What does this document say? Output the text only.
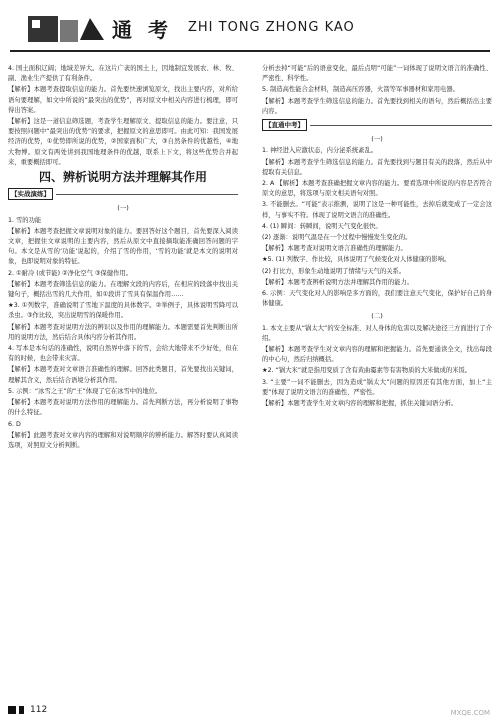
通 考 ZHI TONG ZHONG KAO

4. 国土面积辽阔；地域差异大。在这片广袤的国土上，因地制宜发展农、林、牧、副、渔业生产提供了有利条件。

【解析】本题考查提取信息的能力。首先要快速浏览原文，找出主要内容，对所给语句要理解，如文中所说的“最突出的优势”，再对原文中相关内容进行梳理，即可得出答案。

【解析】这是一道信息筛选题，考查学生理解原文、提取信息的能力。要注意，只要按照问题中“最突出的优势”的要求，把握原文的意思即可。由此可知：我国发展经济的优势，①优势即所说的优势，②国家面积广大，③自然条件的优越性，④地大物博。原文有两处讲到我国地理条件的优越，联系上下文，将这些优势合并起来，重要概括即可。

四、辨析说明方法并理解其作用
【实战演练】
(一)

1. 雪的功能

【解析】本题考查把握文章说明对象的能力。要回答好这个题目，首先要深入阅读文章，把握住文章说明的主要内容，然后从原文中直接摘取能准确回答问题的字句。本文是从雪的‘功能’说起的，介绍了雪的作用，‘雪的功能’就是本文的说明对象，也即说明对象的特征。

2. ①耐冷 (或节能) ②净化空气 ③保健作用。

【解析】本题考查筛选信息的能力。在理解文段的内容后，在相应的段落中找出关键句子，概括出雪的几大作用，如①段讲了雪具有保温作用……

★3. ①列数字，准确说明了雪地下温度的具体数字。②举例子，具体说明雪降可以杀虫。③作比较，突出说明雪的保暖作用。

【解析】本题考查对说明方法的辨识以及作用的理解能力。本题需要首先判断出所用的说明方法，然后结合具体内容分析其作用。

4. 写本是本句话的准确性，说明自然界中落下的雪，会给大地带来不少好处，但在有的时候，也会带来灾害。

【解析】本题考查对文章语言准确性的理解。回答此类题目，首先要找出关键词，理解其含义，然后结合语境分析其作用。

5. 示例：“冰雪之王”的“王”体现了它在冰雪中的地位。

【解析】本题考查对说明方法作用的理解能力。首先判断方法，再分析说明了事物的什么特征。

6. D

【解析】此题考查对文章内容的理解和对说明顺序的辨析能力。解答时要认真阅读选项，对照原文分析判断。

分析去掉“可能”后的语意变化，最后点明“可能”一词体现了说明文语言的准确性、严密性、科学性。

5. 制造高性能合金材料，制造高压容器，火箭等军事器材和家用电器。

【解析】本题考查学生筛选信息的能力。首先要找到相关的语句，然后概括出主要内容。

【直通中考】
(一)

1. 神经进入应激状态，内分泌系统紊乱。

【解析】本题考查学生筛选信息的能力。首先要找到与题目有关的段落，然后从中提取有关信息。

2. A 【解析】本题考查准确把握文章内容的能力。要看选项中所说的内容是否符合原文的意思，将选项与原文相关语句对照。

3. 不能删去。“可能”表示推测，说明了这是一种可能性，去掉后就变成了一定会这样，与事实不符。体现了说明文语言的准确性。

4. (1) 瞬间：转瞬间，说明天气变化很快。

(2) 逐渐：说明气温是在一个过程中慢慢发生变化的。

【解析】本题考查对说明文语言准确性的理解能力。

★5. (1) 列数字、作比较，具体说明了气候变化对人体健康的影响。

(2) 打比方，形象生动地说明了情绪与天气的关系。

【解析】本题考查辨析说明方法并理解其作用的能力。

6. 示例：天气变化对人的影响是多方面的，我们要注意天气变化，保护好自己的身体健康。

(二)

1. 本文主要从“锅太大”的安全标准、对人身体的危害以及解决途径三方面进行了介绍。

【解析】本题考查学生对文章内容的理解和把握能力。首先要通读全文，找出每段的中心句，然后归纳概括。

★2. “锅大米”就是指用变质了含有黄曲霉素等有害物质的大米做成的米饭。

3. “主要”一词不能删去，因为造成“锅太大”问题的原因还有其他方面，加上“主要”体现了说明文语言的准确性、严密性。

【解析】本题考查学生对文章内容的理解和把握，抓住关键词语分析。

112	MXQE.COM
